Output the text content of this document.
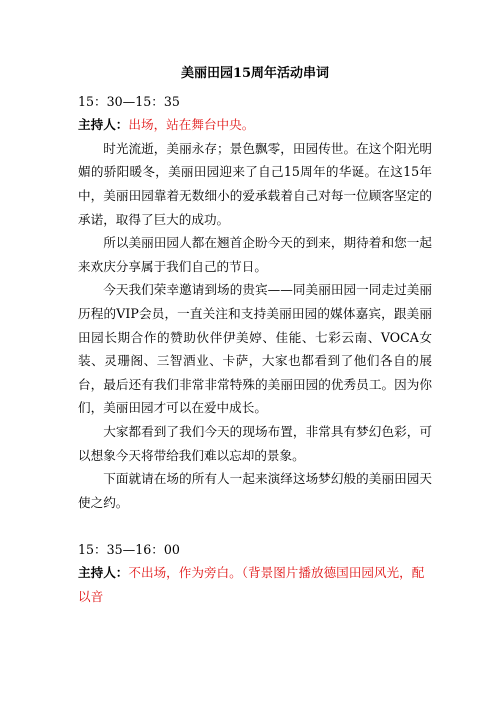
美丽田园15周年活动串词

15：30—15：35

主持人：出场，站在舞台中央。

时光流逝，美丽永存；景色飘零，田园传世。在这个阳光明媚的骄阳暖冬，美丽田园迎来了自己15周年的华诞。在这15年中，美丽田园靠着无数细小的爱承载着自己对每一位顾客坚定的承诺，取得了巨大的成功。

所以美丽田园人都在翘首企盼今天的到来，期待着和您一起来欢庆分享属于我们自己的节日。

今天我们荣幸邀请到场的贵宾——同美丽田园一同走过美丽历程的VIP会员，一直关注和支持美丽田园的媒体嘉宾，跟美丽田园长期合作的赞助伙伴伊美婷、佳能、七彩云南、VOCA女装、灵珊阁、三智酒业、卡萨，大家也都看到了他们各自的展台，最后还有我们非常非常特殊的美丽田园的优秀员工。因为你们，美丽田园才可以在爱中成长。

大家都看到了我们今天的现场布置，非常具有梦幻色彩，可以想象今天将带给我们难以忘却的景象。

下面就请在场的所有人一起来演绎这场梦幻般的美丽田园天使之约。

15：35—16：00

主持人：不出场，作为旁白。（背景图片播放德国田园风光，配以音
